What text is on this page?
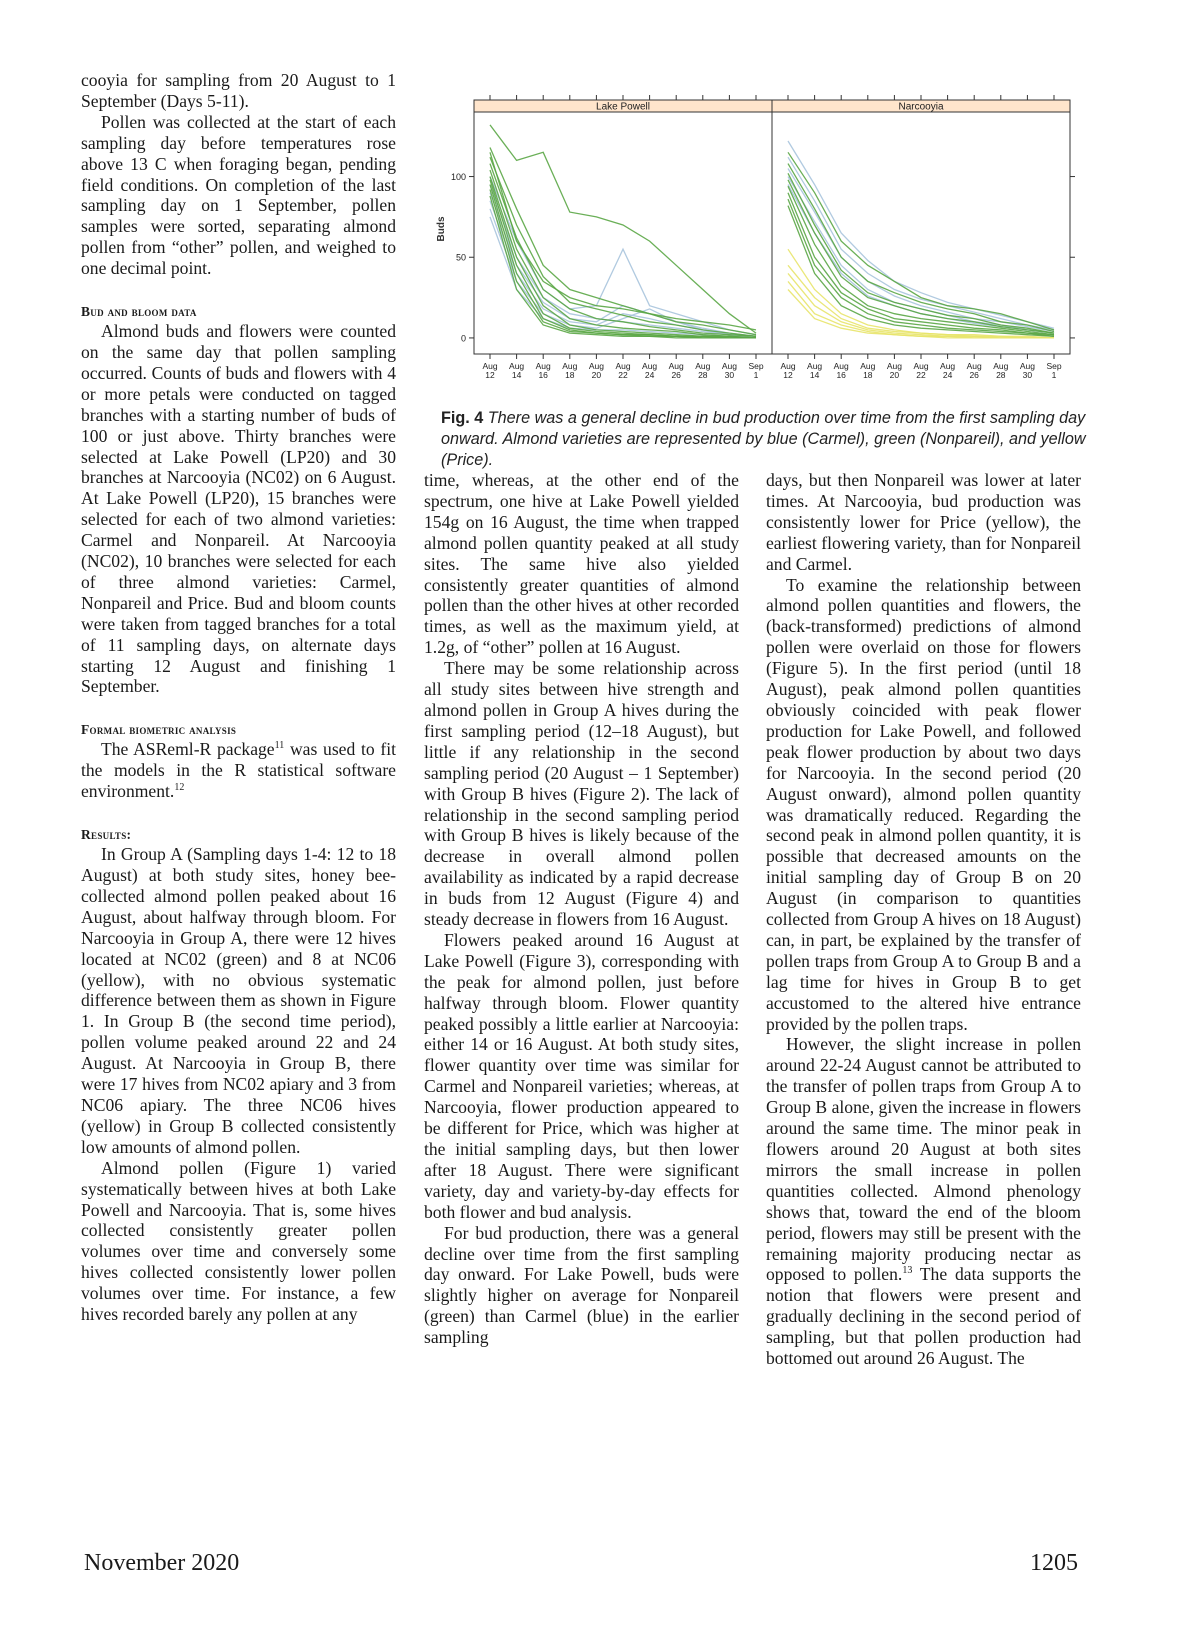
cooyia for sampling from 20 August to 1 September (Days 5-11).

Pollen was collected at the start of each sampling day before temperatures rose above 13 C when foraging began, pending field conditions. On completion of the last sampling day on 1 September, pollen samples were sorted, separating almond pollen from “other” pollen, and weighed to one decimal point.

Bud and bloom data

Almond buds and flowers were counted on the same day that pollen sampling occurred. Counts of buds and flowers with 4 or more petals were conducted on tagged branches with a starting number of buds of 100 or just above. Thirty branches were selected at Lake Powell (LP20) and 30 branches at Narcooyia (NC02) on 6 August. At Lake Powell (LP20), 15 branches were selected for each of two almond varieties: Carmel and Nonpareil. At Narcooyia (NC02), 10 branches were selected for each of three almond varieties: Carmel, Nonpareil and Price. Bud and bloom counts were taken from tagged branches for a total of 11 sampling days, on alternate days starting 12 August and finishing 1 September.

Formal biometric analysis

The ASReml-R package$^{11}$ was used to fit the models in the R statistical software environment.$^{12}$

Results:

In Group A (Sampling days 1-4: 12 to 18 August) at both study sites, honey bee-collected almond pollen peaked about 16 August, about halfway through bloom. For Narcooyia in Group A, there were 12 hives located at NC02 (green) and 8 at NC06 (yellow), with no obvious systematic difference between them as shown in Figure 1. In Group B (the second time period), pollen volume peaked around 22 and 24 August. At Narcooyia in Group B, there were 17 hives from NC02 apiary and 3 from NC06 apiary. The three NC06 hives (yellow) in Group B collected consistently low amounts of almond pollen.

Almond pollen (Figure 1) varied systematically between hives at both Lake Powell and Narcooyia. That is, some hives collected consistently greater pollen volumes over time and conversely some hives collected consistently lower pollen volumes over time. For instance, a few hives recorded barely any pollen at any

Buds
Lake Powell
Aug
12
Aug
14
Aug
16
Aug
18
Aug
20
Aug
22
Aug
24
Aug
26
Aug
28
Aug
30
Sep
1
0
50
100
Narcooyia
Aug
12
Aug
14
Aug
16
Aug
18
Aug
20
Aug
22
Aug
24
Aug
26
Aug
28
Aug
30
Sep
1
Fig. 4 There was a general decline in bud production over time from the first sampling day onward. Almond varieties are represented by blue (Carmel), green (Nonpareil), and yellow (Price).

time, whereas, at the other end of the spectrum, one hive at Lake Powell yielded 154g on 16 August, the time when trapped almond pollen quantity peaked at all study sites. The same hive also yielded consistently greater quantities of almond pollen than the other hives at other recorded times, as well as the maximum yield, at 1.2g, of “other” pollen at 16 August.

There may be some relationship across all study sites between hive strength and almond pollen in Group A hives during the first sampling period (12–18 August), but little if any relationship in the second sampling period (20 August – 1 September) with Group B hives (Figure 2). The lack of relationship in the second sampling period with Group B hives is likely because of the decrease in overall almond pollen availability as indicated by a rapid decrease in buds from 12 August (Figure 4) and steady decrease in flowers from 16 August.

Flowers peaked around 16 August at Lake Powell (Figure 3), corresponding with the peak for almond pollen, just before halfway through bloom. Flower quantity peaked possibly a little earlier at Narcooyia: either 14 or 16 August. At both study sites, flower quantity over time was similar for Carmel and Nonpareil varieties; whereas, at Narcooyia, flower production appeared to be different for Price, which was higher at the initial sampling days, but then lower after 18 August. There were significant variety, day and variety-by-day effects for both flower and bud analysis.

For bud production, there was a general decline over time from the first sampling day onward. For Lake Powell, buds were slightly higher on average for Nonpareil (green) than Carmel (blue) in the earlier sampling

days, but then Nonpareil was lower at later times. At Narcooyia, bud production was consistently lower for Price (yellow), the earliest flowering variety, than for Nonpareil and Carmel.

To examine the relationship between almond pollen quantities and flowers, the (back-transformed) predictions of almond pollen were overlaid on those for flowers (Figure 5). In the first period (until 18 August), peak almond pollen quantities obviously coincided with peak flower production for Lake Powell, and followed peak flower production by about two days for Narcooyia. In the second period (20 August onward), almond pollen quantity was dramatically reduced. Regarding the second peak in almond pollen quantity, it is possible that decreased amounts on the initial sampling day of Group B on 20 August (in comparison to quantities collected from Group A hives on 18 August) can, in part, be explained by the transfer of pollen traps from Group A to Group B and a lag time for hives in Group B to get accustomed to the altered hive entrance provided by the pollen traps.

However, the slight increase in pollen around 22-24 August cannot be attributed to the transfer of pollen traps from Group A to Group B alone, given the increase in flowers around the same time. The minor peak in flowers around 20 August at both sites mirrors the small increase in pollen quantities collected. Almond phenology shows that, toward the end of the bloom period, flowers may still be present with the remaining majority producing nectar as opposed to pollen.$^{13}$ The data supports the notion that flowers were present and gradually declining in the second period of sampling, but that pollen production had bottomed out around 26 August. The

November 2020	1205
